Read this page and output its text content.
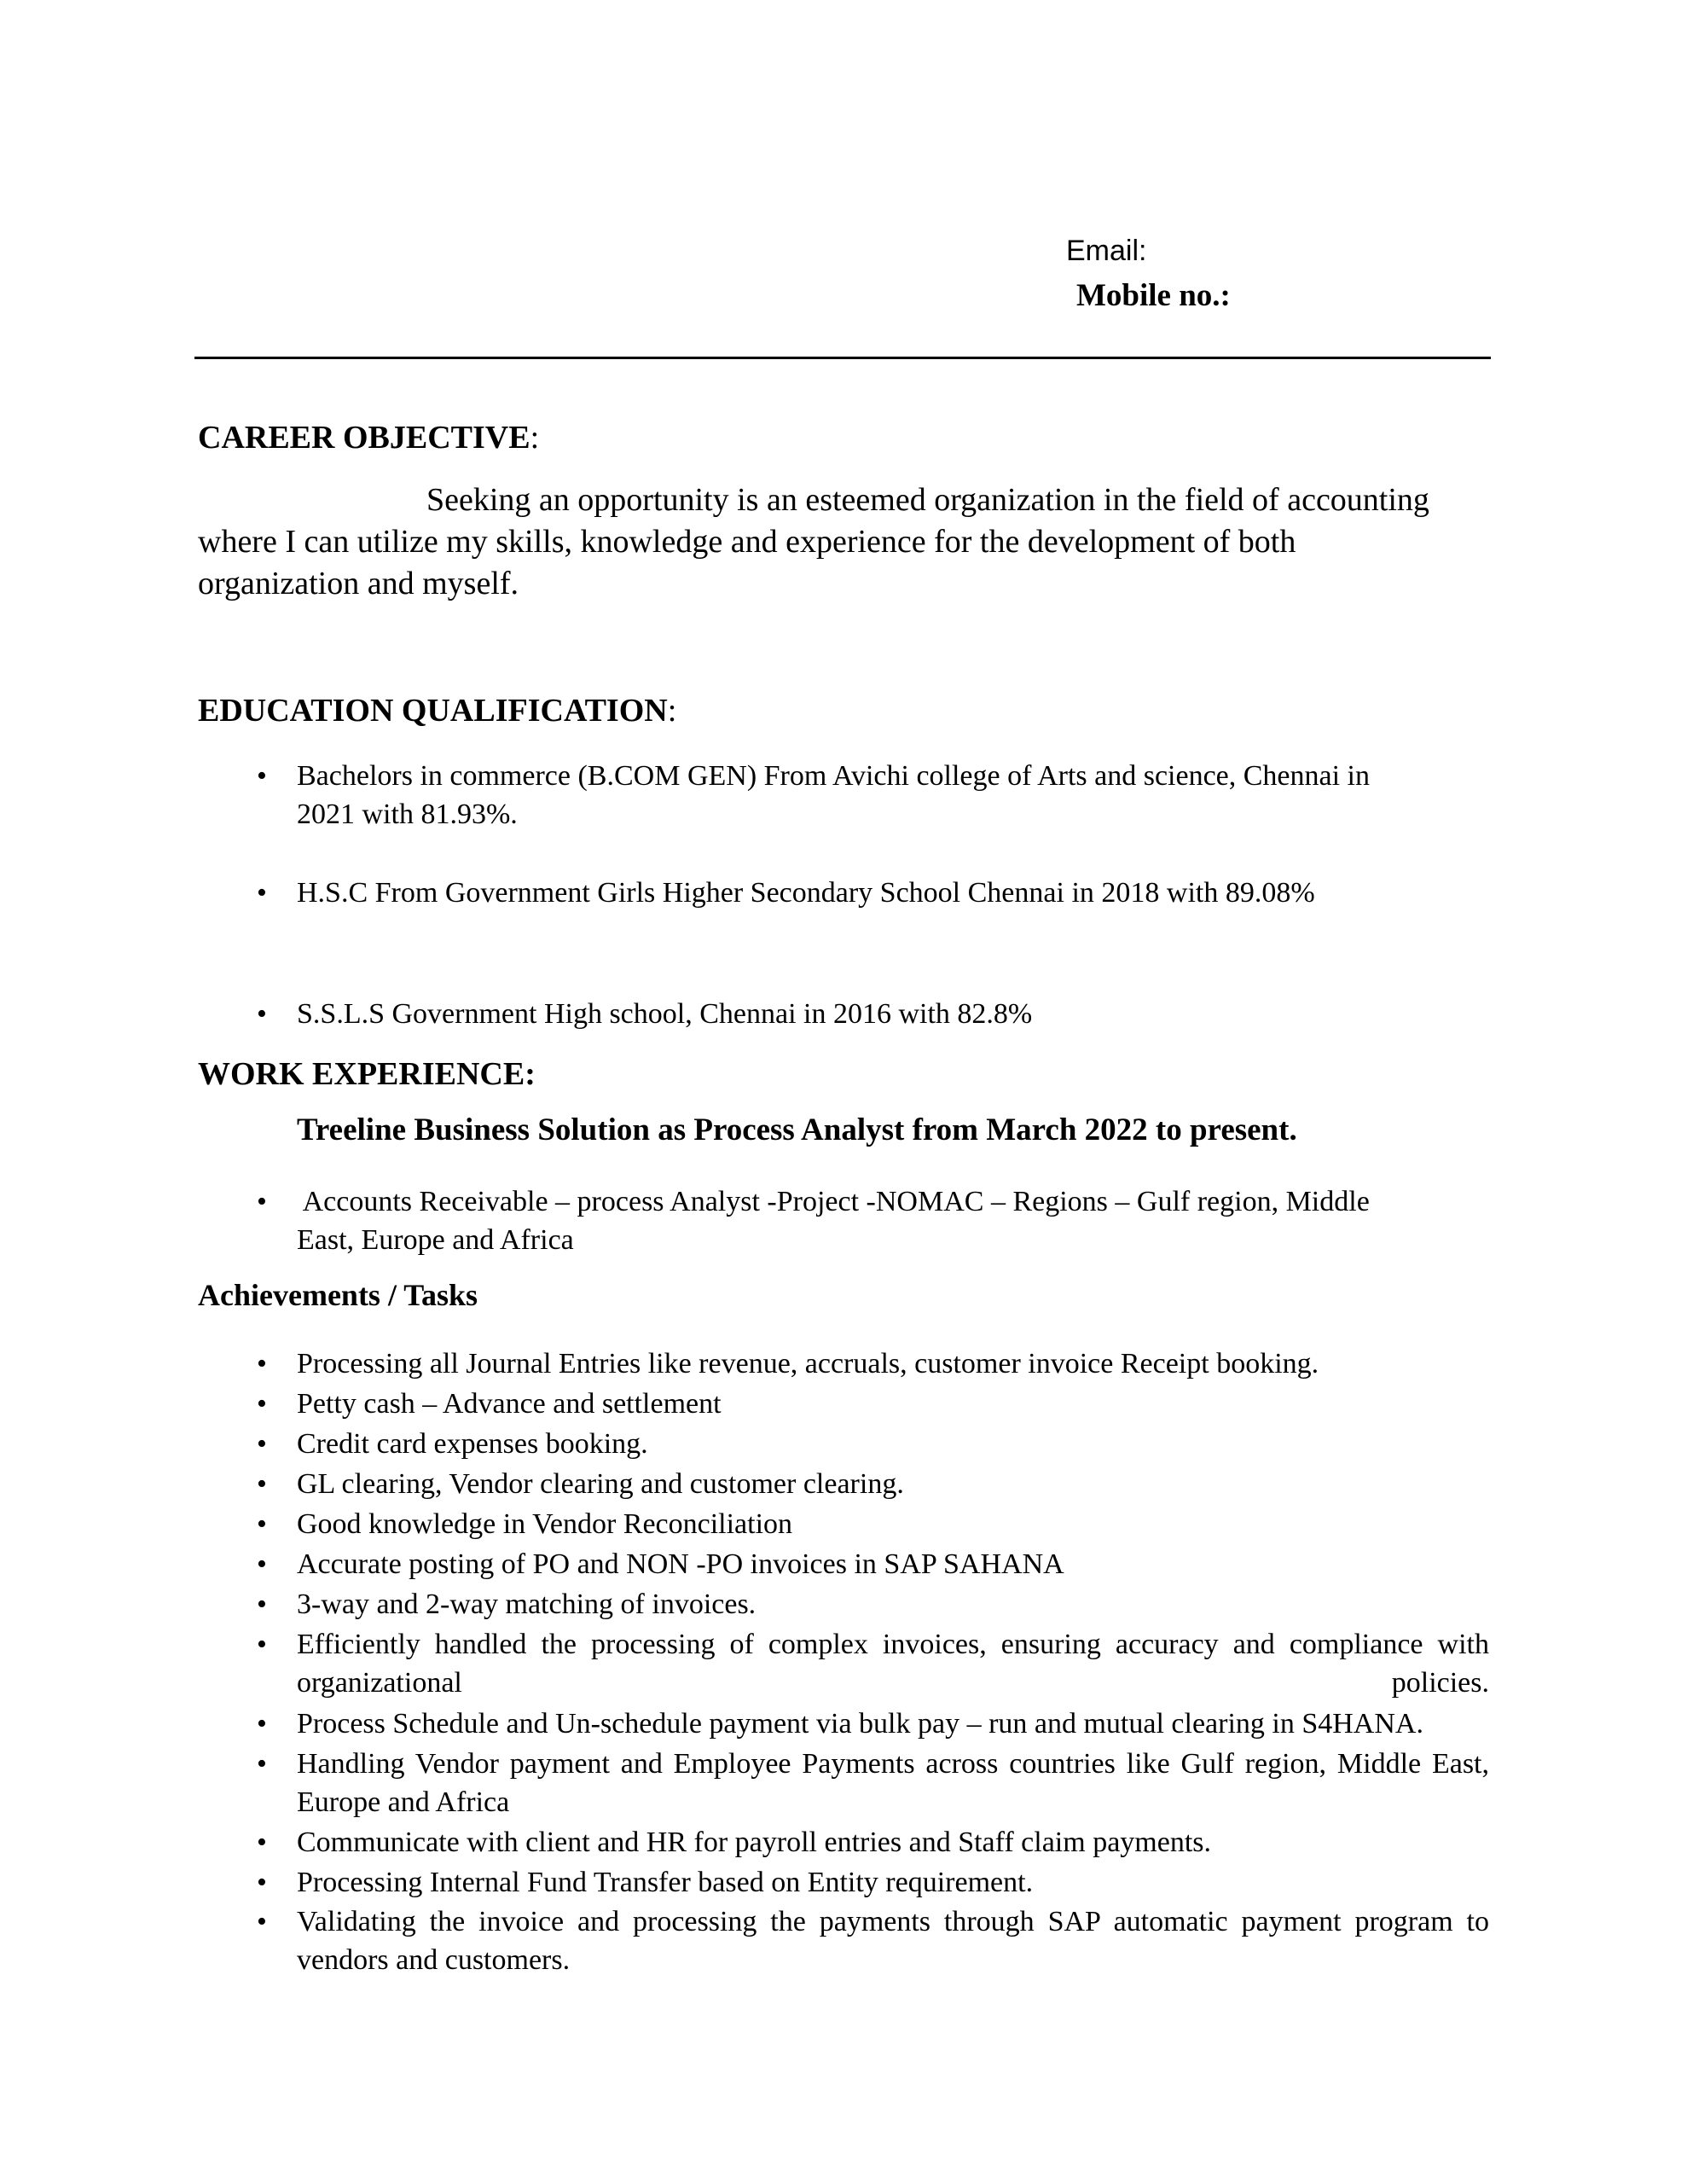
Email:
Mobile no.:
CAREER OBJECTIVE:
Seeking an opportunity is an esteemed organization in the field of accounting
where I can utilize my skills, knowledge and experience for the development of both
organization and myself.
EDUCATION QUALIFICATION:
• Bachelors in commerce (B.COM GEN) From Avichi college of Arts and science, Chennai in
2021 with 81.93%.
• H.S.C From Government Girls Higher Secondary School Chennai in 2018 with 89.08%
• S.S.L.S Government High school, Chennai in 2016 with 82.8%
WORK EXPERIENCE:
Treeline Business Solution as Process Analyst from March 2022 to present.
• Accounts Receivable – process Analyst -Project -NOMAC – Regions – Gulf region, Middle
East, Europe and Africa
Achievements / Tasks
• Processing all Journal Entries like revenue, accruals, customer invoice Receipt booking.
• Petty cash – Advance and settlement
• Credit card expenses booking.
• GL clearing, Vendor clearing and customer clearing.
• Good knowledge in Vendor Reconciliation
• Accurate posting of PO and NON -PO invoices in SAP SAHANA
• 3-way and 2-way matching of invoices.
• Efficiently handled the processing of complex invoices, ensuring accuracy and compliance with organizational policies.
• Process Schedule and Un-schedule payment via bulk pay – run and mutual clearing in S4HANA.
• Handling Vendor payment and Employee Payments across countries like Gulf region, Middle East, Europe and Africa
• Communicate with client and HR for payroll entries and Staff claim payments.
• Processing Internal Fund Transfer based on Entity requirement.
• Validating the invoice and processing the payments through SAP automatic payment program to vendors and customers.
